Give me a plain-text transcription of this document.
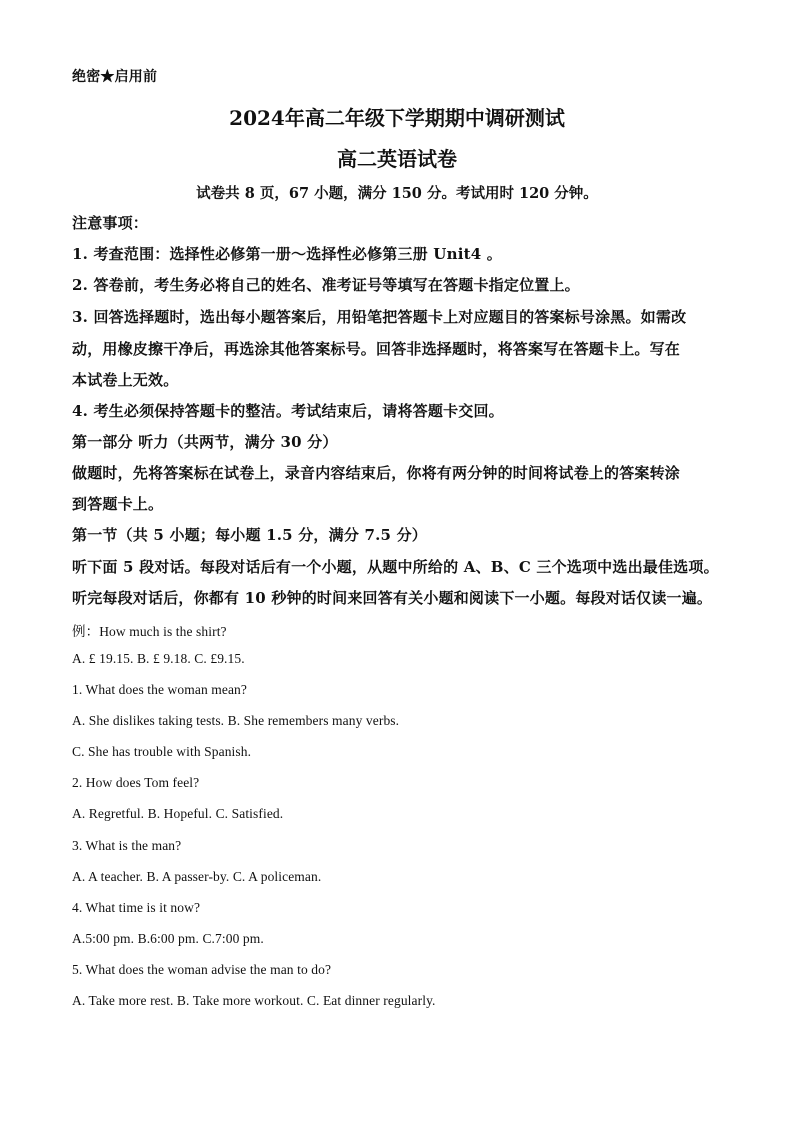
绝密★启用前
2024年高二年级下学期期中调研测试
高二英语试卷
试卷共 8 页，67 小题，满分 150 分。考试用时 120 分钟。
注意事项：
1. 考查范围：选择性必修第一册～选择性必修第三册 Unit4 。
2. 答卷前，考生务必将自己的姓名、准考证号等填写在答题卡指定位置上。
3. 回答选择题时，选出每小题答案后，用铅笔把答题卡上对应题目的答案标号涂黑。如需改
动，用橡皮擦干净后，再选涂其他答案标号。回答非选择题时，将答案写在答题卡上。写在
本试卷上无效。
4. 考生必须保持答题卡的整洁。考试结束后，请将答题卡交回。
第一部分 听力（共两节，满分 30 分）
做题时，先将答案标在试卷上，录音内容结束后，你将有两分钟的时间将试卷上的答案转涂
到答题卡上。
第一节（共 5 小题；每小题 1.5 分，满分 7.5 分）
听下面 5 段对话。每段对话后有一个小题，从题中所给的 A、B、C 三个选项中选出最佳选项。
听完每段对话后，你都有 10 秒钟的时间来回答有关小题和阅读下一小题。每段对话仅读一遍。
例：How much is the shirt?
A. £ 19.15. B. £ 9.18. C. £9.15.
1. What does the woman mean?
A. She dislikes taking tests. B. She remembers many verbs.
C. She has trouble with Spanish.
2. How does Tom feel?
A. Regretful. B. Hopeful. C. Satisfied.
3. What is the man?
A. A teacher. B. A passer-by. C. A policeman.
4. What time is it now?
A.5:00 pm. B.6:00 pm. C.7:00 pm.
5. What does the woman advise the man to do?
A. Take more rest. B. Take more workout. C. Eat dinner regularly.
